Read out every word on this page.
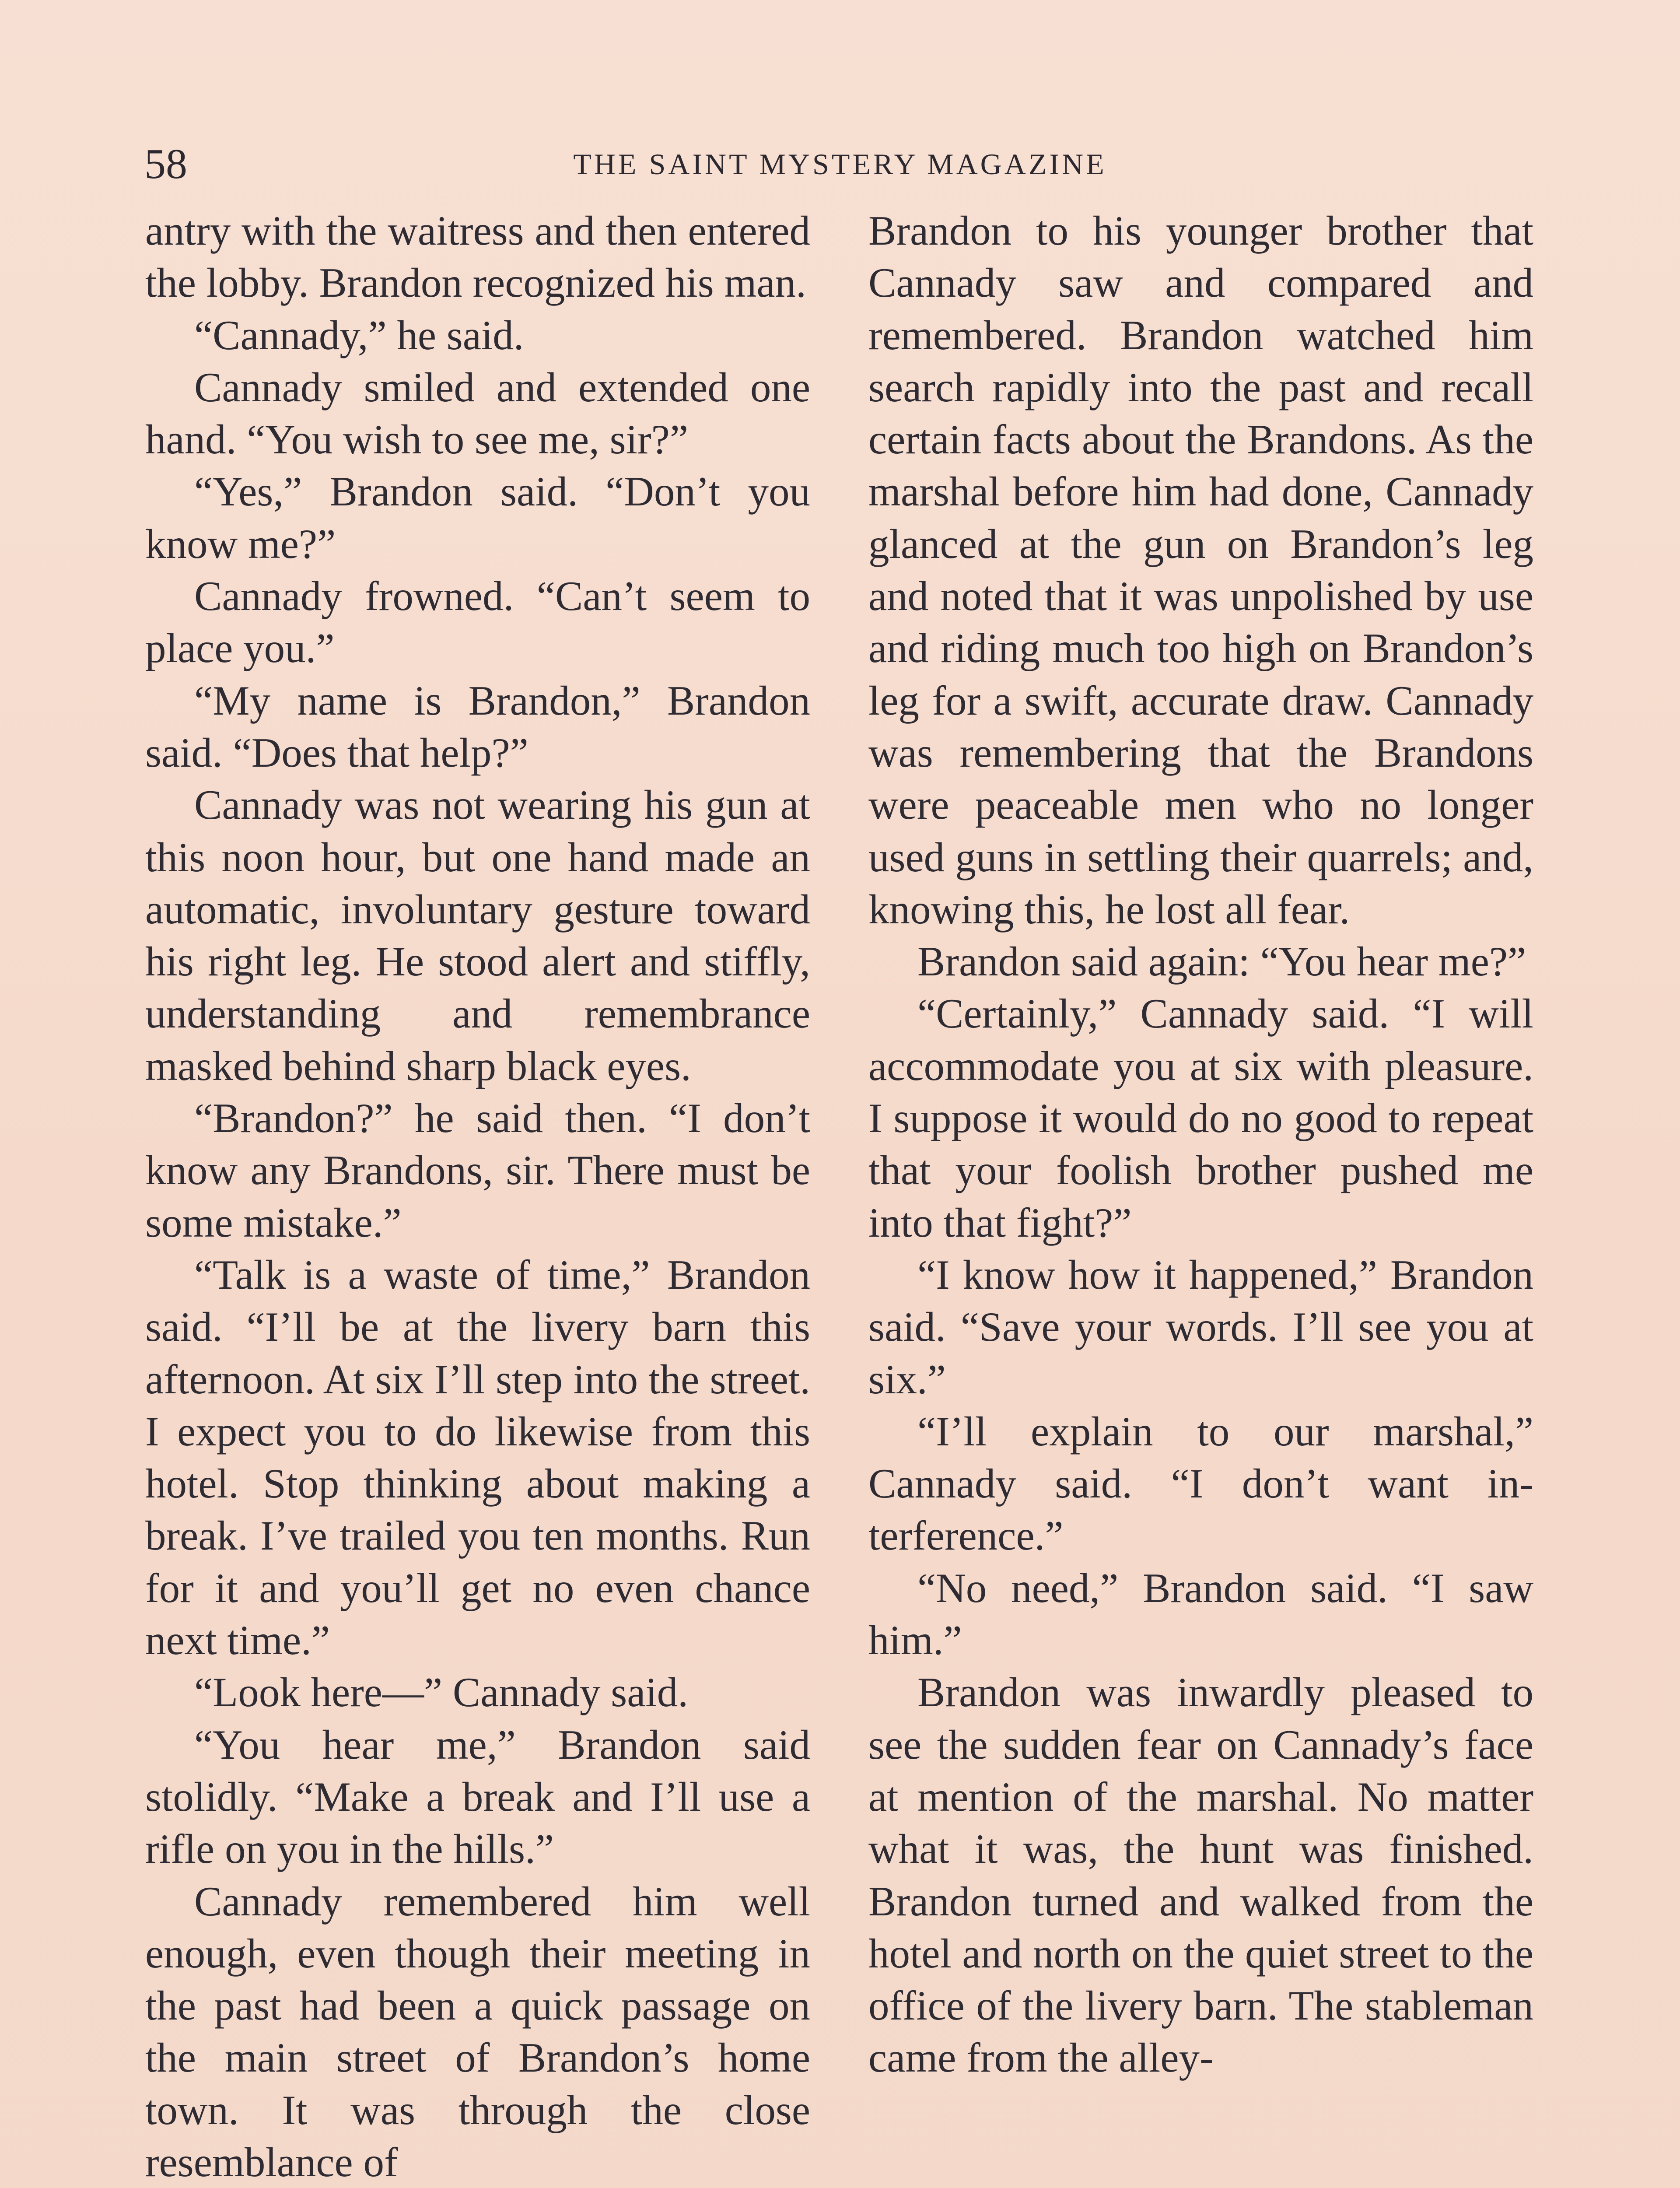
58	THE SAINT MYSTERY MAGAZINE

antry with the waitress and then entered the lobby. Brandon recognized his man.

“Cannady,” he said.

Cannady smiled and extended one hand. “You wish to see me, sir?”

“Yes,” Brandon said. “Don’t you know me?”

Cannady frowned. “Can’t seem to place you.”

“My name is Brandon,” Brandon said. “Does that help?”

Cannady was not wearing his gun at this noon hour, but one hand made an automatic, involuntary gesture toward his right leg. He stood alert and stiffly, understanding and remembrance masked behind sharp black eyes.

“Brandon?” he said then. “I don’t know any Brandons, sir. There must be some mistake.”

“Talk is a waste of time,” Brandon said. “I’ll be at the livery barn this afternoon. At six I’ll step into the street. I expect you to do likewise from this hotel. Stop thinking about making a break. I’ve trailed you ten months. Run for it and you’ll get no even chance next time.”

“Look here—” Cannady said.

“You hear me,” Brandon said stolidly. “Make a break and I’ll use a rifle on you in the hills.”

Cannady remembered him well enough, even though their meeting in the past had been a quick passage on the main street of Brandon’s home town. It was through the close resemblance of

Brandon to his younger brother that Cannady saw and compared and remembered. Brandon watched him search rapidly into the past and recall certain facts about the Brandons. As the marshal before him had done, Cannady glanced at the gun on Brandon’s leg and noted that it was unpolished by use and riding much too high on Brandon’s leg for a swift, accurate draw. Cannady was remembering that the Brandons were peaceable men who no longer used guns in settling their quarrels; and, knowing this, he lost all fear.

Brandon said again: “You hear me?”

“Certainly,” Cannady said. “I will accommodate you at six with pleasure. I suppose it would do no good to repeat that your foolish brother pushed me into that fight?”

“I know how it happened,” Brandon said. “Save your words. I’ll see you at six.”

“I’ll explain to our marshal,” Cannady said. “I don’t want interference.”

“No need,” Brandon said. “I saw him.”

Brandon was inwardly pleased to see the sudden fear on Cannady’s face at mention of the marshal. No matter what it was, the hunt was finished. Brandon turned and walked from the hotel and north on the quiet street to the office of the livery barn. The stableman came from the alley-
